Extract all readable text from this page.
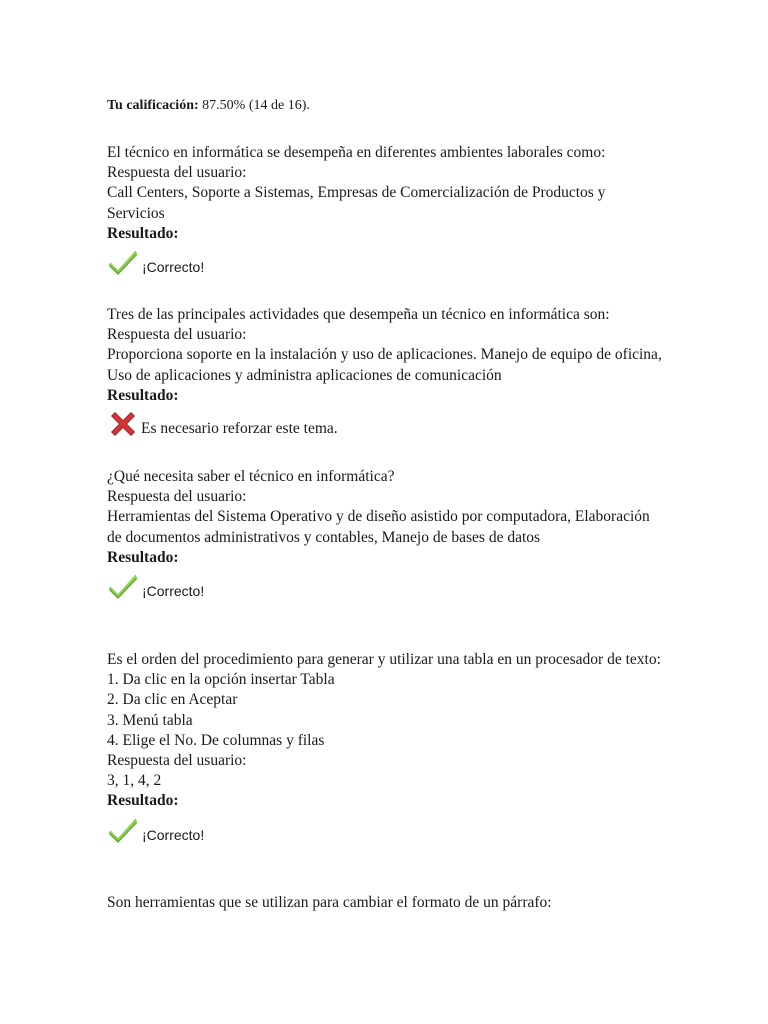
Tu calificación: 87.50% (14 de 16).
El técnico en informática se desempeña en diferentes ambientes laborales como:
Respuesta del usuario:
Call Centers, Soporte a Sistemas, Empresas de Comercialización de Productos y Servicios
Resultado:
¡Correcto!
Tres de las principales actividades que desempeña un técnico en informática son:
Respuesta del usuario:
Proporciona soporte en la instalación y uso de aplicaciones. Manejo de equipo de oficina, Uso de aplicaciones y administra aplicaciones de comunicación
Resultado:
Es necesario reforzar este tema.
¿Qué necesita saber el técnico en informática?
Respuesta del usuario:
Herramientas del Sistema Operativo y de diseño asistido por computadora, Elaboración de documentos administrativos y contables, Manejo de bases de datos
Resultado:
¡Correcto!
Es el orden del procedimiento para generar y utilizar una tabla en un procesador de texto:
1. Da clic en la opción insertar Tabla
2. Da clic en Aceptar
3. Menú tabla
4. Elige el No. De columnas y filas
Respuesta del usuario:
3, 1, 4, 2
Resultado:
¡Correcto!
Son herramientas que se utilizan para cambiar el formato de un párrafo:
